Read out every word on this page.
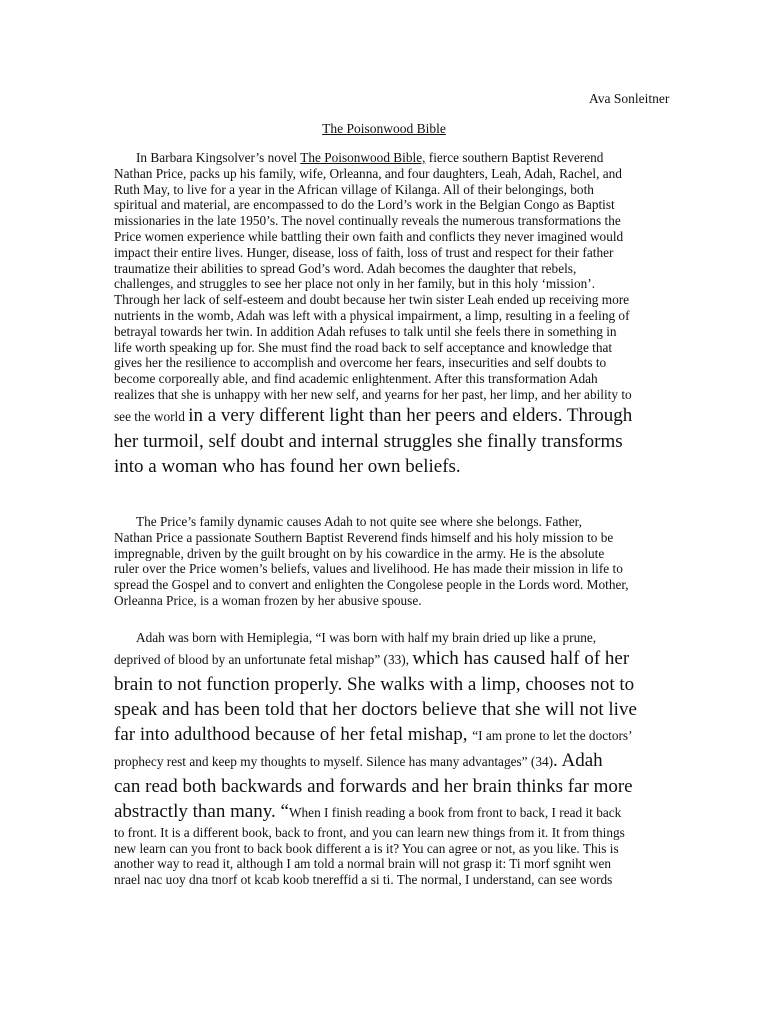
Ava Sonleitner
The Poisonwood Bible
In Barbara Kingsolver’s novel The Poisonwood Bible, fierce southern Baptist Reverend
Nathan Price, packs up his family, wife, Orleanna, and four daughters, Leah, Adah, Rachel, and
Ruth May, to live for a year in the African village of Kilanga. All of their belongings, both
spiritual and material, are encompassed to do the Lord’s work in the Belgian Congo as Baptist
missionaries in the late 1950’s. The novel continually reveals the numerous transformations the
Price women experience while battling their own faith and conflicts they never imagined would
impact their entire lives. Hunger, disease, loss of faith, loss of trust and respect for their father
traumatize their abilities to spread God’s word. Adah becomes the daughter that rebels,
challenges, and struggles to see her place not only in her family, but in this holy ‘mission’.
Through her lack of self-esteem and doubt because her twin sister Leah ended up receiving more
nutrients in the womb, Adah was left with a physical impairment, a limp, resulting in a feeling of
betrayal towards her twin. In addition Adah refuses to talk until she feels there in something in
life worth speaking up for. She must find the road back to self acceptance and knowledge that
gives her the resilience to accomplish and overcome her fears, insecurities and self doubts to
become corporeally able, and find academic enlightenment. After this transformation Adah
realizes that she is unhappy with her new self, and yearns for her past, her limp, and her ability to
see the world in a very different light than her peers and elders. Through
her turmoil, self doubt and internal struggles she finally transforms
into a woman who has found her own beliefs.
The Price’s family dynamic causes Adah to not quite see where she belongs. Father,
Nathan Price a passionate Southern Baptist Reverend finds himself and his holy mission to be
impregnable, driven by the guilt brought on by his cowardice in the army. He is the absolute
ruler over the Price women’s beliefs, values and livelihood. He has made their mission in life to
spread the Gospel and to convert and enlighten the Congolese people in the Lords word. Mother,
Orleanna Price, is a woman frozen by her abusive spouse.
Adah was born with Hemiplegia, “I was born with half my brain dried up like a prune,
deprived of blood by an unfortunate fetal mishap” (33), which has caused half of her
brain to not function properly. She walks with a limp, chooses not to
speak and has been told that her doctors believe that she will not live
far into adulthood because of her fetal mishap, “I am prone to let the doctors’
prophecy rest and keep my thoughts to myself. Silence has many advantages” (34). Adah
can read both backwards and forwards and her brain thinks far more
abstractly than many. “When I finish reading a book from front to back, I read it back
to front. It is a different book, back to front, and you can learn new things from it. It from things
new learn can you front to back book different a is it? You can agree or not, as you like. This is
another way to read it, although I am told a normal brain will not grasp it: Ti morf sgniht wen
nrael nac uoy dna tnorf ot kcab koob tnereffid a si ti. The normal, I understand, can see words
